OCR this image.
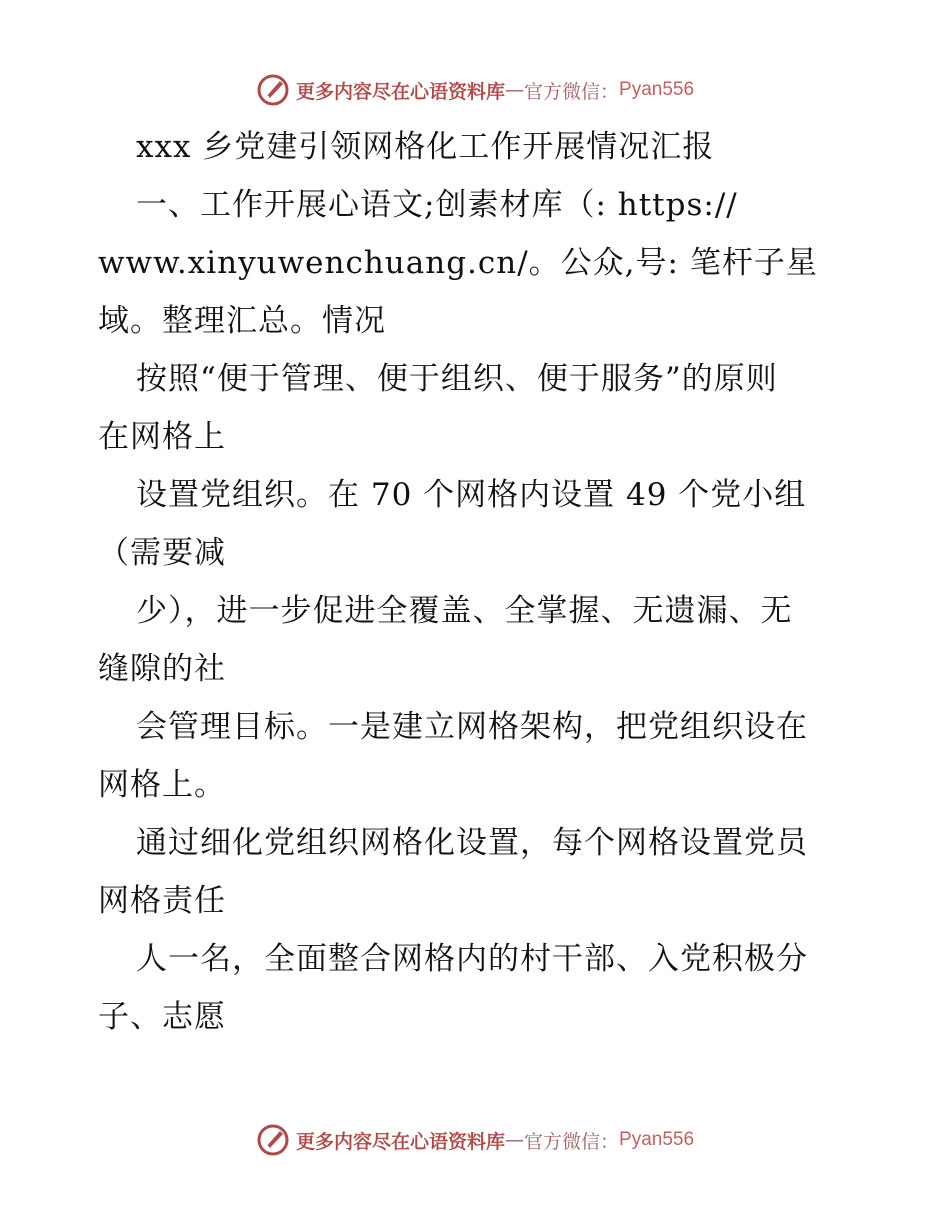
更多内容尽在心语资料库 — 官方微信 ： Pyan556

xxx 乡党建引领网格化工作开展情况汇报

一、工作开展心语文;创素材库（: https://

www.xinyuwenchuang.cn/。公众,号: 笔杆子星

域。整理汇总。情况

按照“便于管理、便于组织、便于服务”的原则

在网格上

设置党组织。在 70 个网格内设置 49 个党小组

（需要减

少），进一步促进全覆盖、全掌握、无遗漏、无

缝隙的社

会管理目标。一是建立网格架构，把党组织设在

网格上。

通过细化党组织网格化设置，每个网格设置党员

网格责任

人一名，全面整合网格内的村干部、入党积极分

子、志愿

更多内容尽在心语资料库 — 官方微信 ： Pyan556
